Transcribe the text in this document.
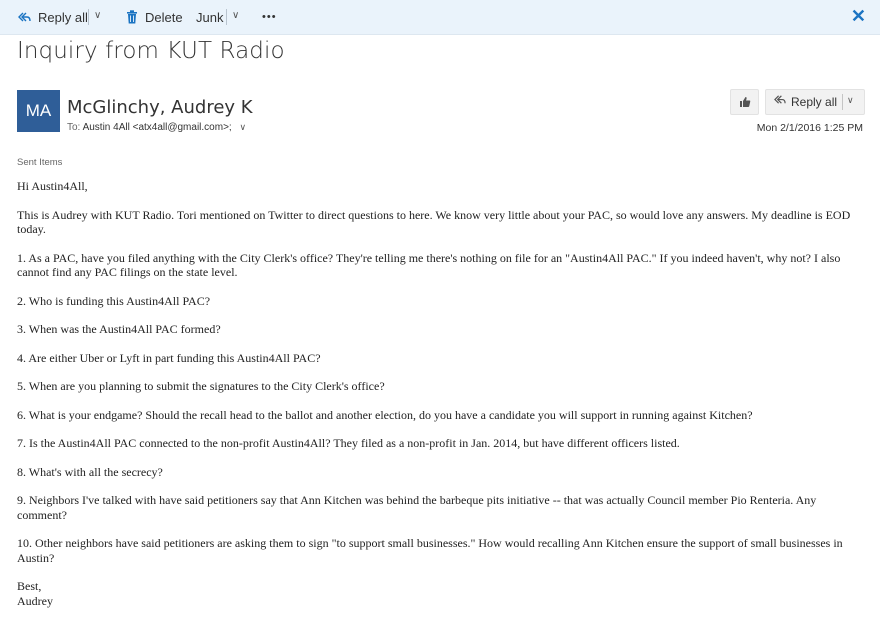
Reply all ∨	Delete Junk ∨ •••	✕
Inquiry from KUT Radio
MA McGlinchy, Audrey K
To: Austin 4All <atx4all@gmail.com>; ∨
Reply all ∨
Mon 2/1/2016 1:25 PM
Sent Items

Hi Austin4All,

This is Audrey with KUT Radio. Tori mentioned on Twitter to direct questions to here. We know very little about your PAC, so would love any answers. My deadline is EOD today.

1. As a PAC, have you filed anything with the City Clerk's office? They're telling me there's nothing on file for an "Austin4All PAC." If you indeed haven't, why not? I also cannot find any PAC filings on the state level.

2. Who is funding this Austin4All PAC?

3. When was the Austin4All PAC formed?

4. Are either Uber or Lyft in part funding this Austin4All PAC?

5. When are you planning to submit the signatures to the City Clerk's office?

6. What is your endgame? Should the recall head to the ballot and another election, do you have a candidate you will support in running against Kitchen?

7. Is the Austin4All PAC connected to the non-profit Austin4All? They filed as a non-profit in Jan. 2014, but have different officers listed.

8. What's with all the secrecy?

9. Neighbors I've talked with have said petitioners say that Ann Kitchen was behind the barbeque pits initiative -- that was actually Council member Pio Renteria. Any comment?

10. Other neighbors have said petitioners are asking them to sign "to support small businesses." How would recalling Ann Kitchen ensure the support of small businesses in Austin?

Best,

Audrey
